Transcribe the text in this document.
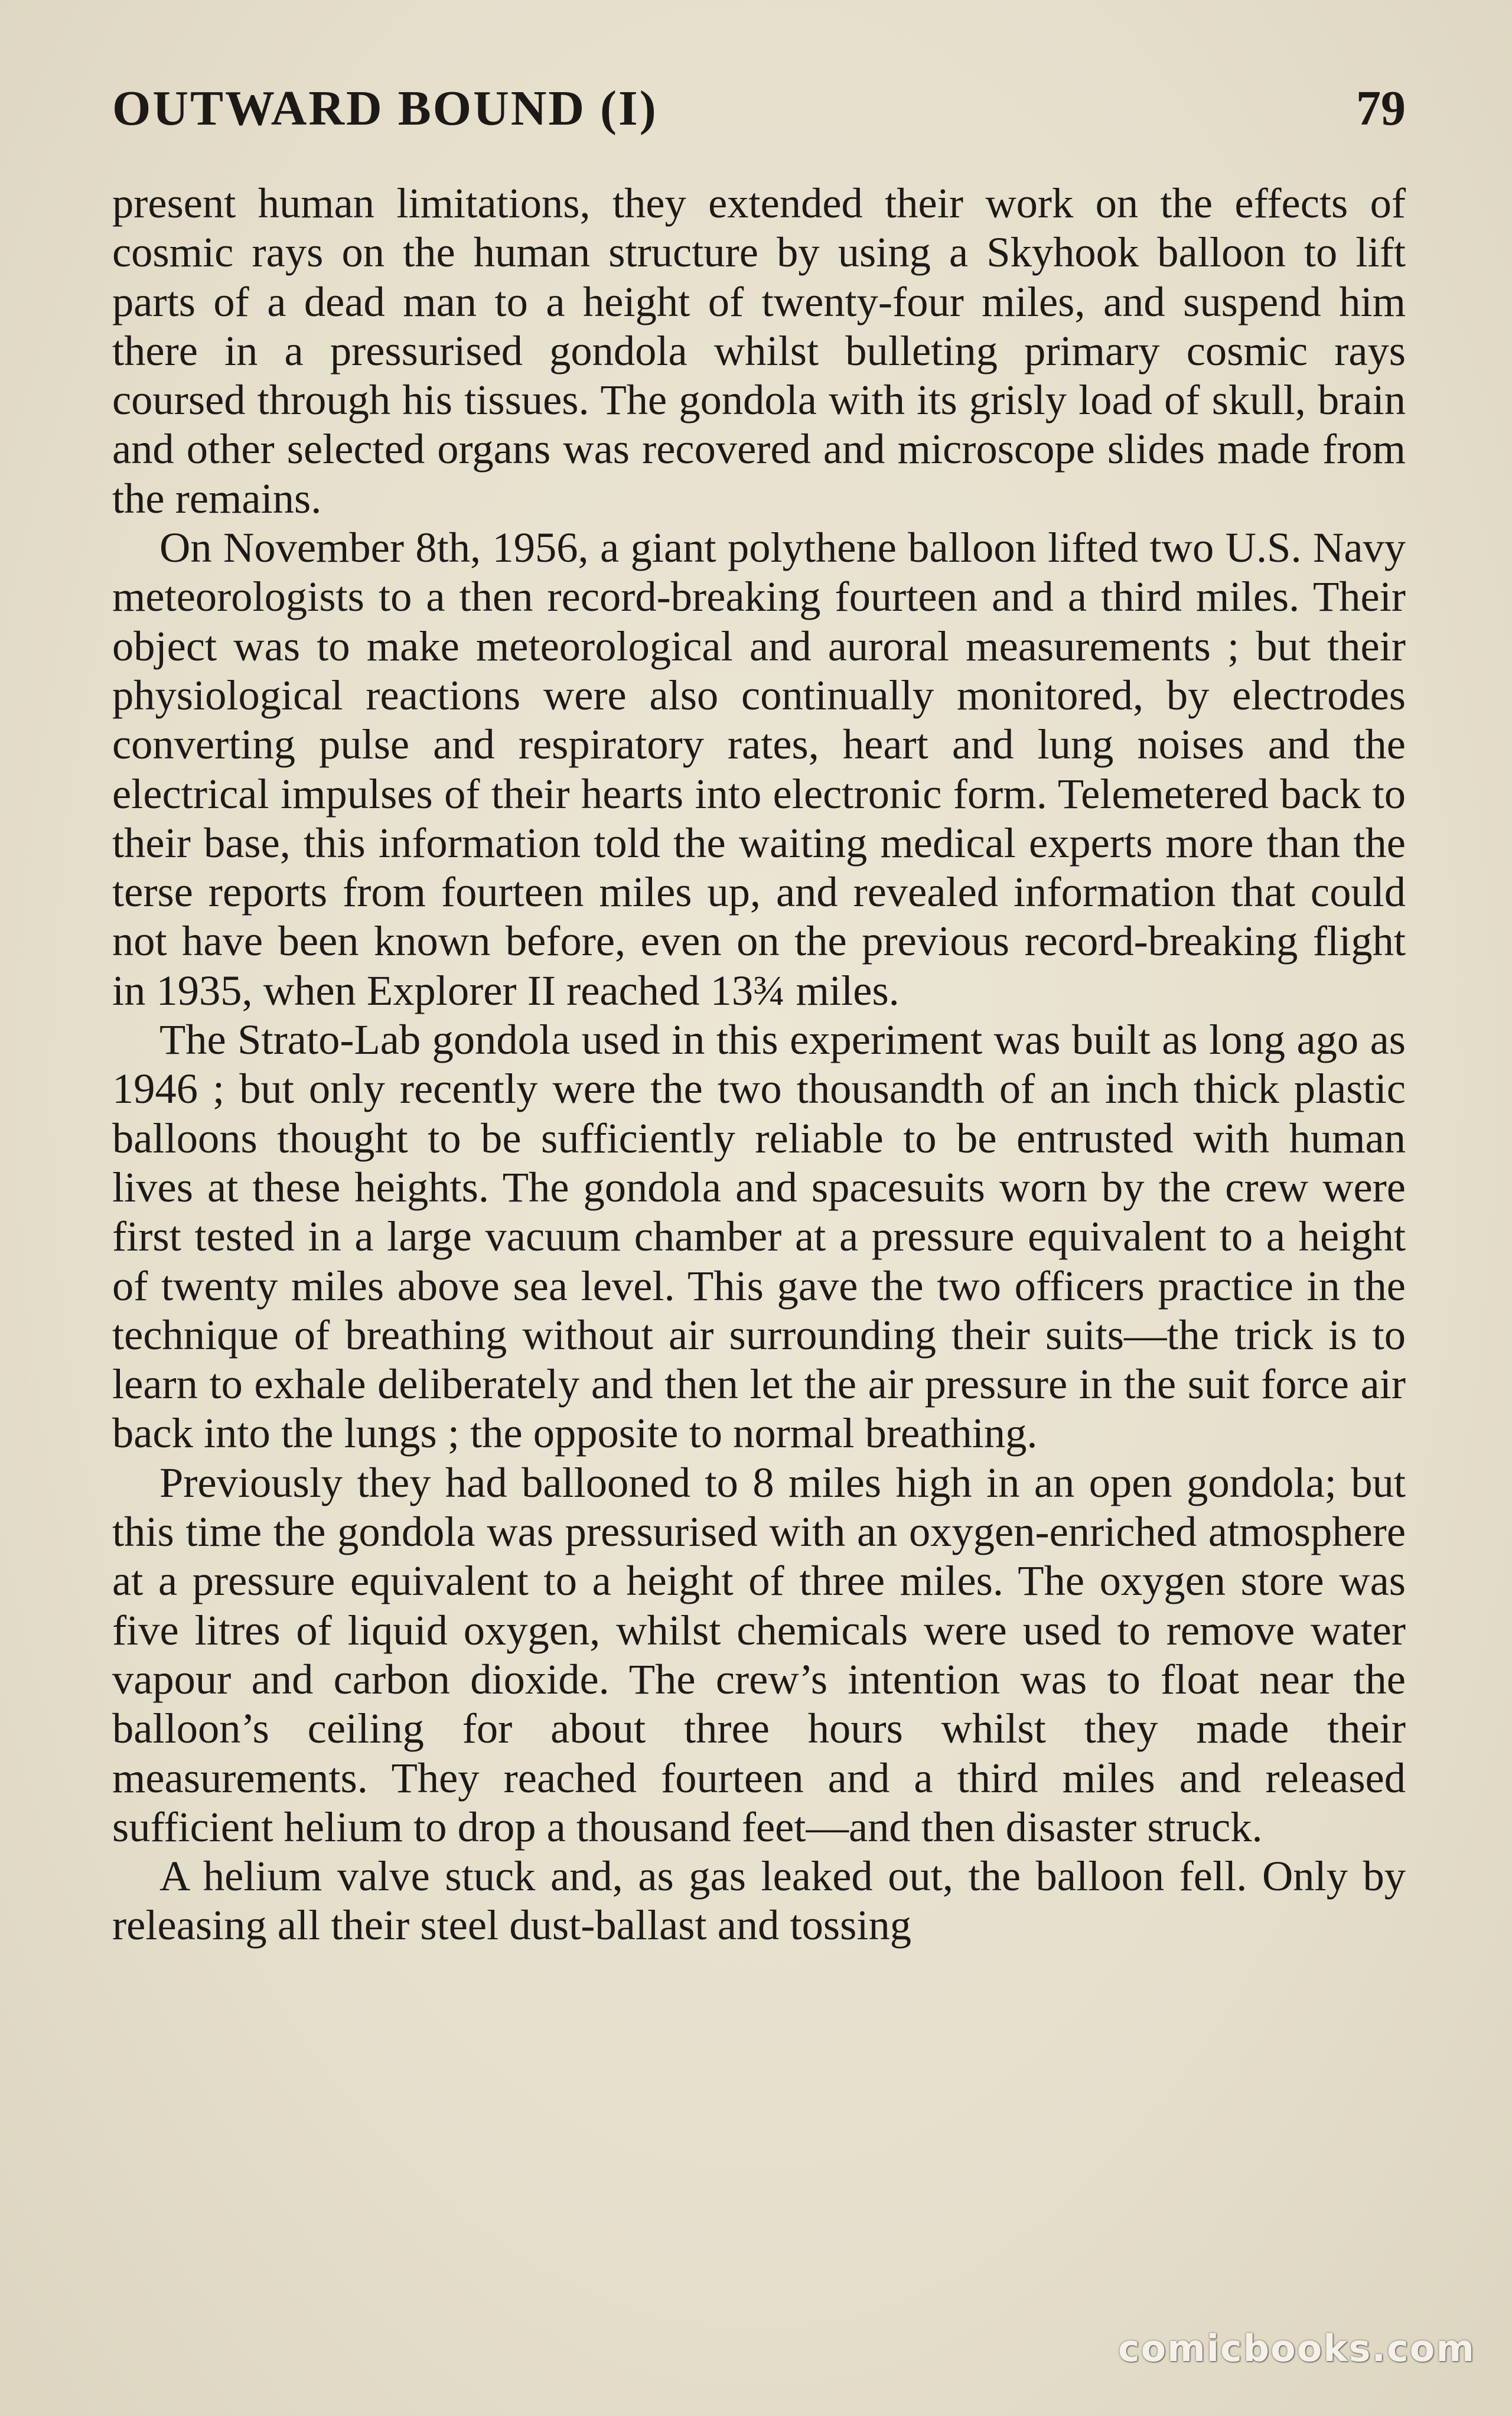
OUTWARD BOUND (I)	79

present human limitations, they extended their work on the effects of cosmic rays on the human structure by using a Skyhook balloon to lift parts of a dead man to a height of twenty-four miles, and suspend him there in a pressurised gondola whilst bulleting primary cosmic rays coursed through his tissues. The gondola with its grisly load of skull, brain and other selected organs was recovered and microscope slides made from the remains.

On November 8th, 1956, a giant polythene balloon lifted two U.S. Navy meteorologists to a then record-breaking fourteen and a third miles. Their object was to make meteorological and auroral measurements ; but their physiological reactions were also continually monitored, by electrodes converting pulse and respiratory rates, heart and lung noises and the electrical impulses of their hearts into electronic form. Telemetered back to their base, this information told the waiting medical experts more than the terse reports from fourteen miles up, and revealed information that could not have been known before, even on the previous record-breaking flight in 1935, when Explorer II reached 13¾ miles.

The Strato-Lab gondola used in this experiment was built as long ago as 1946 ; but only recently were the two thousandth of an inch thick plastic balloons thought to be sufficiently reliable to be entrusted with human lives at these heights. The gondola and spacesuits worn by the crew were first tested in a large vacuum chamber at a pressure equivalent to a height of twenty miles above sea level. This gave the two officers practice in the technique of breathing without air surrounding their suits—the trick is to learn to exhale deliberately and then let the air pressure in the suit force air back into the lungs ; the opposite to normal breathing.

Previously they had ballooned to 8 miles high in an open gondola; but this time the gondola was pressurised with an oxygen-enriched atmosphere at a pressure equivalent to a height of three miles. The oxygen store was five litres of liquid oxygen, whilst chemicals were used to remove water vapour and carbon dioxide. The crew’s intention was to float near the balloon’s ceiling for about three hours whilst they made their measurements. They reached fourteen and a third miles and released sufficient helium to drop a thousand feet—and then disaster struck.

A helium valve stuck and, as gas leaked out, the balloon fell. Only by releasing all their steel dust-ballast and tossing

comicbooks.com
